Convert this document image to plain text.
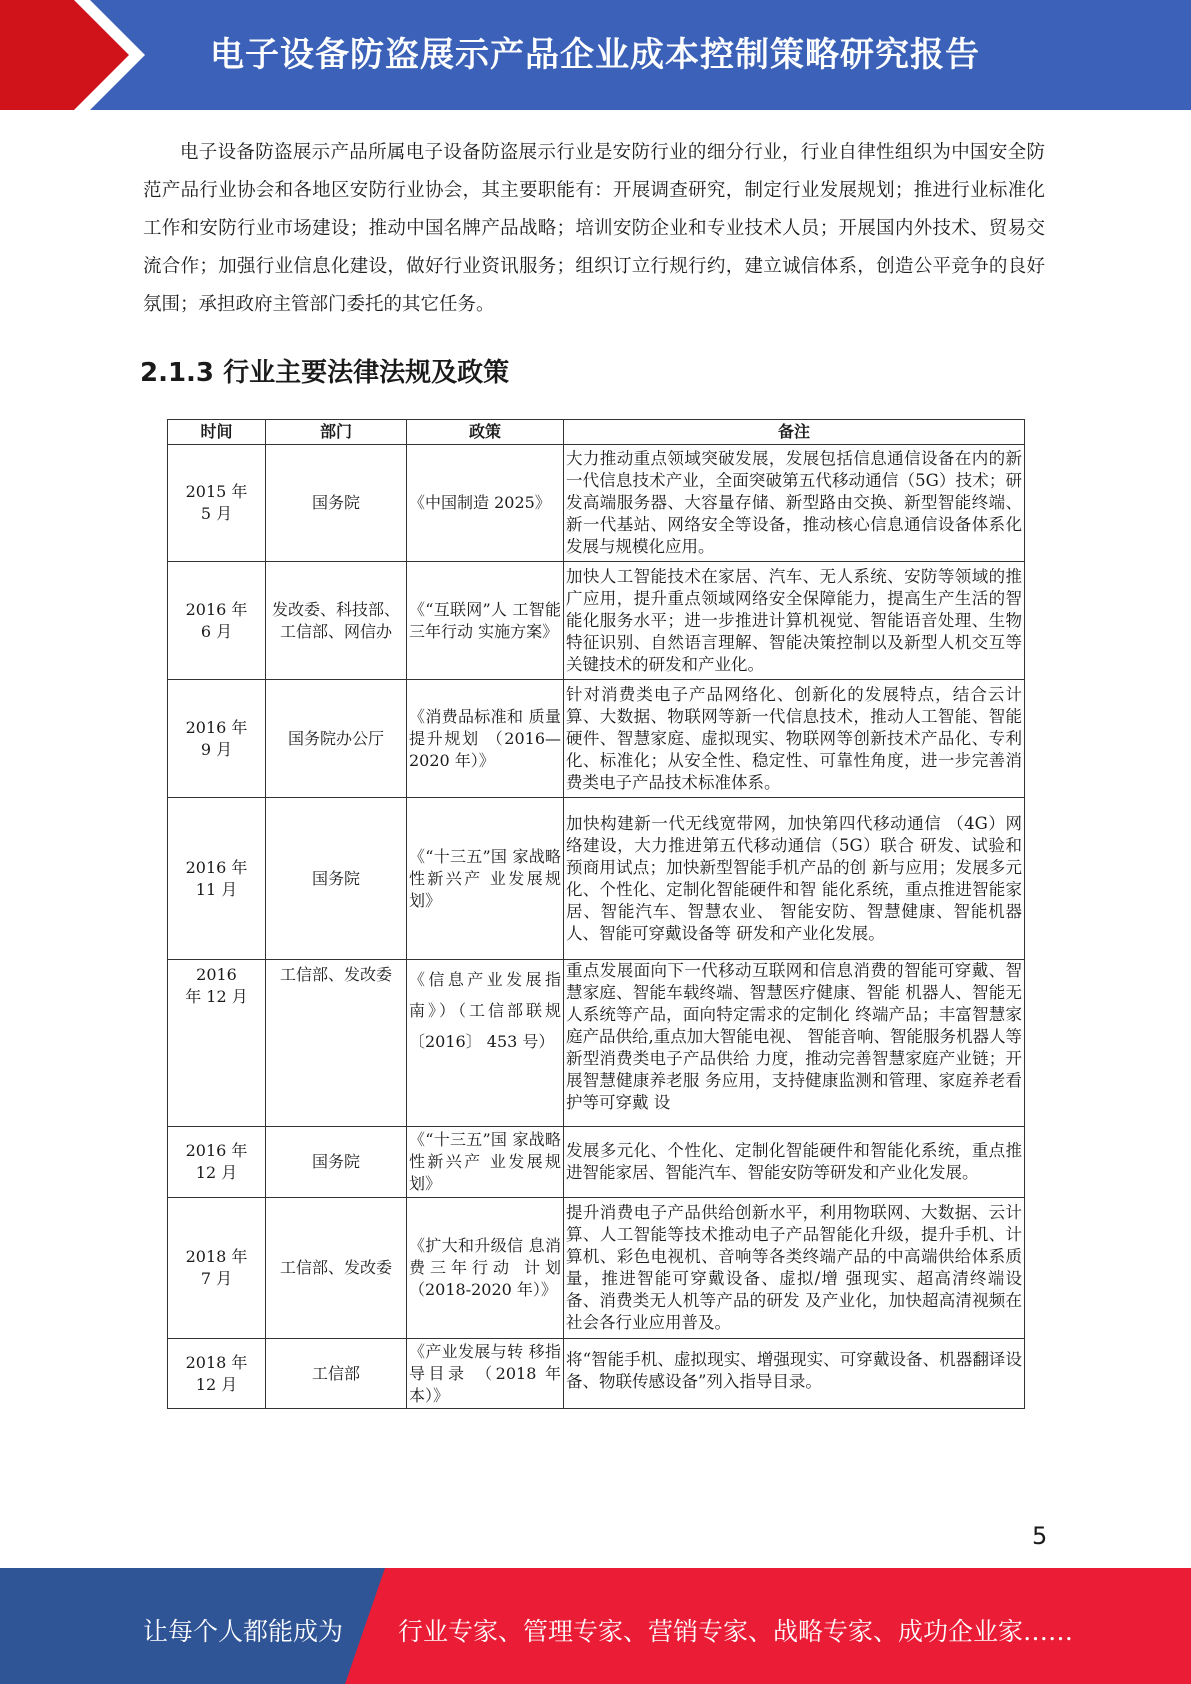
电子设备防盗展示产品企业成本控制策略研究报告

电子设备防盗展示产品所属电子设备防盗展示行业是安防行业的细分行业，行业自律性组织为中国安全防范产品行业协会和各地区安防行业协会，其主要职能有：开展调查研究，制定行业发展规划；推进行业标准化工作和安防行业市场建设；推动中国名牌产品战略；培训安防企业和专业技术人员；开展国内外技术、贸易交流合作；加强行业信息化建设，做好行业资讯服务；组织订立行规行约，建立诚信体系，创造公平竞争的良好氛围；承担政府主管部门委托的其它任务。

2.1.3 行业主要法律法规及政策
时间	部门	政策	备注
2015 年
5 月	国务院	《中国制造 2025》	大力推动重点领域突破发展，发展包括信息通信设备在内的新一代信息技术产业，全面突破第五代移动通信（5G）技术；研发高端服务器、大容量存储、新型路由交换、新型智能终端、新一代基站、网络安全等设备，推动核心信息通信设备体系化发展与规模化应用。
2016 年
6 月	发改委、科技部、工信部、网信办	《“互联网”人 工智能三年行动 实施方案》	加快人工智能技术在家居、汽车、无人系统、安防等领域的推广应用，提升重点领域网络安全保障能力，提高生产生活的智能化服务水平；进一步推进计算机视觉、智能语音处理、生物特征识别、自然语言理解、智能决策控制以及新型人机交互等关键技术的研发和产业化。
2016 年
9 月	国务院办公厅	《消费品标准和 质量提升规划 （2016—2020 年）》	针对消费类电子产品网络化、创新化的发展特点，结合云计算、大数据、物联网等新一代信息技术，推动人工智能、智能硬件、智慧家庭、虚拟现实、物联网等创新技术产品化、专利化、标准化；从安全性、稳定性、可靠性角度，进一步完善消费类电子产品技术标准体系。
2016 年
11 月	国务院	《“十三五”国 家战略性新兴产 业发展规划》	加快构建新一代无线宽带网，加快第四代移动通信 （4G）网络建设，大力推进第五代移动通信（5G）联合 研发、试验和预商用试点；加快新型智能手机产品的创 新与应用；发展多元化、个性化、定制化智能硬件和智 能化系统，重点推进智能家居、智能汽车、智慧农业、 智能安防、智慧健康、智能机器人、智能可穿戴设备等 研发和产业化发展。
2016
年 12 月	工信部、发改委	《信息产业发展指南》）（工信部联规〔2016〕 453 号）	重点发展面向下一代移动互联网和信息消费的智能可穿戴、智慧家庭、智能车载终端、智慧医疗健康、智能 机器人、智能无人系统等产品，面向特定需求的定制化 终端产品；丰富智慧家庭产品供给,重点加大智能电视、 智能音响、智能服务机器人等新型消费类电子产品供给 力度，推动完善智慧家庭产业链；开展智慧健康养老服 务应用，支持健康监测和管理、家庭养老看护等可穿戴 设
2016 年
12 月	国务院	《“十三五”国 家战略性新兴产 业发展规划》	发展多元化、个性化、定制化智能硬件和智能化系统，重点推进智能家居、智能汽车、智能安防等研发和产业化发展。
2018 年
7 月	工信部、发改委	《扩大和升级信 息消费三年行动 计划（2018-2020 年）》	提升消费电子产品供给创新水平，利用物联网、大数据、云计算、人工智能等技术推动电子产品智能化升级，提升手机、计算机、彩色电视机、音响等各类终端产品的中高端供给体系质量，推进智能可穿戴设备、虚拟/增 强现实、超高清终端设备、消费类无人机等产品的研发 及产业化，加快超高清视频在社会各行业应用普及。
2018 年
12 月	工信部	《产业发展与转 移指导目录 （2018 年本）》	将“智能手机、虚拟现实、增强现实、可穿戴设备、机器翻译设备、物联传感设备”列入指导目录。
5
让每个人都能成为 行业专家、管理专家、营销专家、战略专家、成功企业家……
